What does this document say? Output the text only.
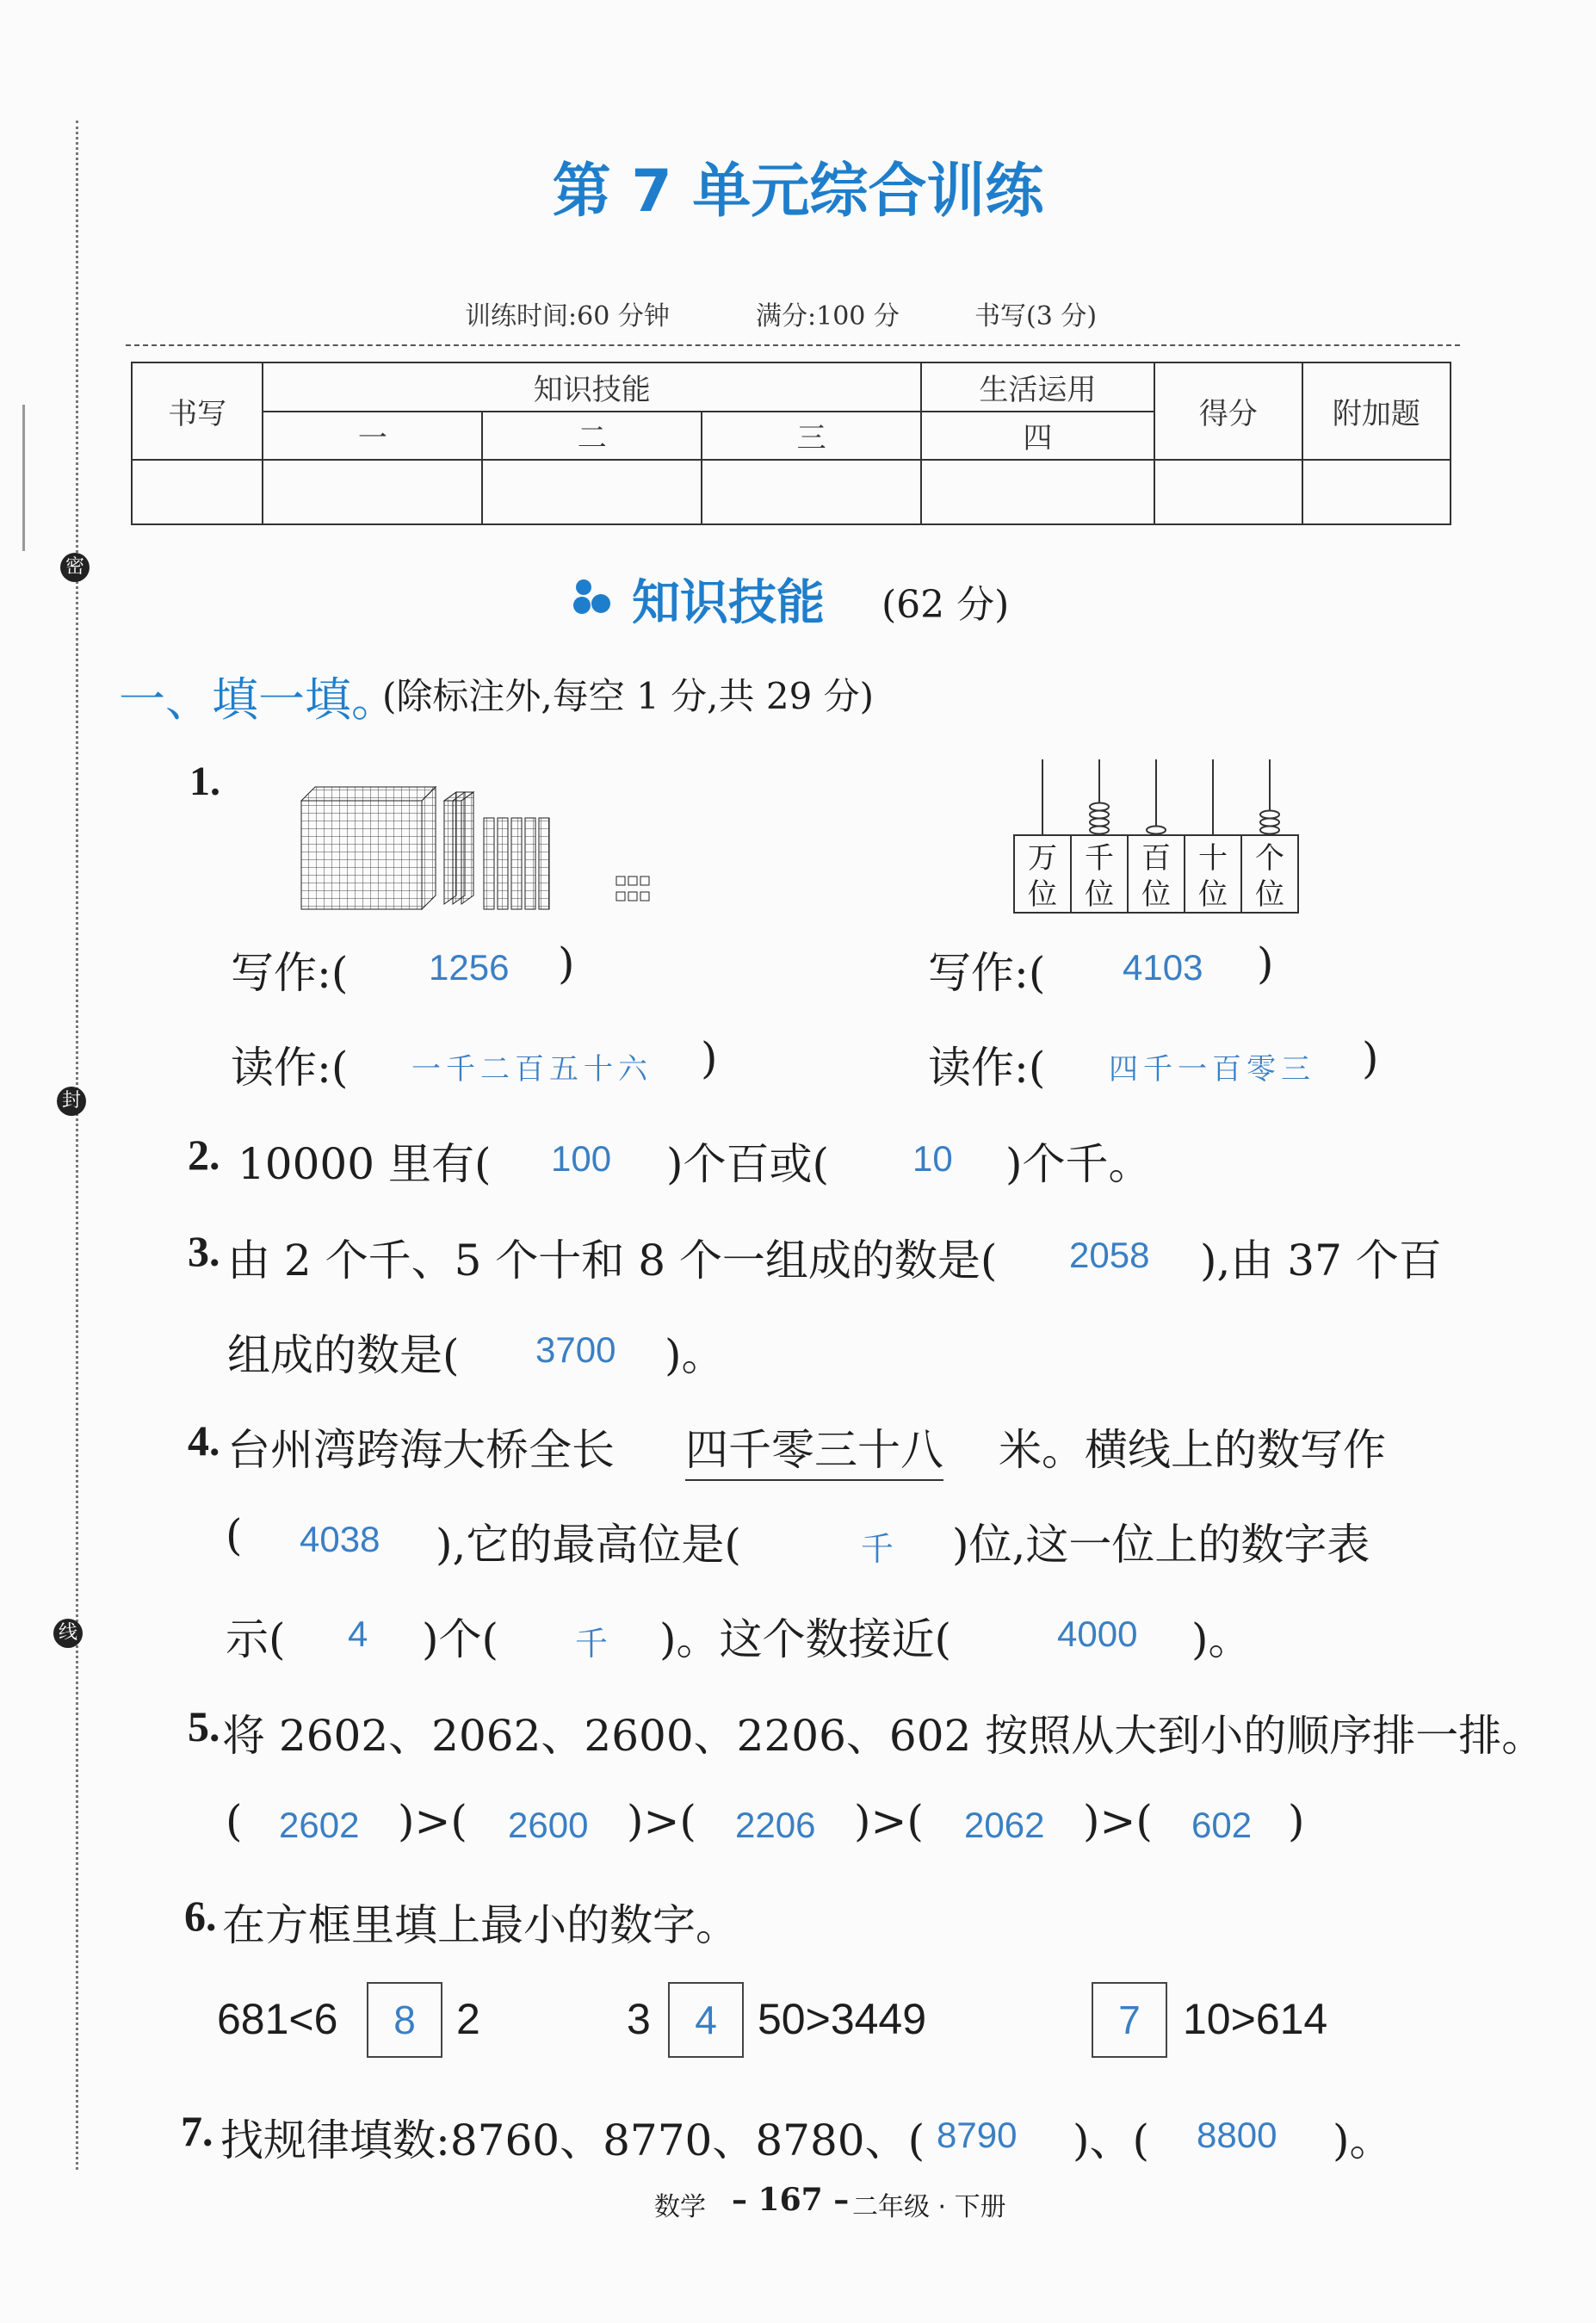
密
封
线
第 7 单元综合训练
训练时间:60 分钟	满分:100 分	书写(3 分)
书写	知识技能			生活运用	得分	附加题
	一	二	三	四		

知识技能 (62 分)
一、填一填。
(除标注外,每空 1 分,共 29 分)
1.
万
位
千
位
百
位
十
位
个
位
写作:( 1256 )
读作:( 一千二百五十六 )
写作:( 4103 )
读作:( 四千一百零三 )
2. 10000 里有( 100 )个百或( 10 )个千。
3. 由 2 个千、5 个十和 8 个一组成的数是( 2058 ),由 37 个百
组成的数是( 3700 )。
4. 台州湾跨海大桥全长 四千零三十八 米。横线上的数写作
( 4038 ),它的最高位是(	千 )位,这一位上的数字表
示( 4 )个( 千 )。这个数接近(	4000 )。
5. 将 2602、2062、2600、2206、602 按照从大到小的顺序排一排。
( 2602 )>( 2600 )>( 2206 )>( 2062 )>( 602 )
6. 在方框里填上最小的数字。
681<6	8 2	3	4 50>3449	7 10>614
7. 找规律填数:8760、8770、8780、( 8790 )、( 8800 )。
数学 – 167 – 二年级 · 下册
